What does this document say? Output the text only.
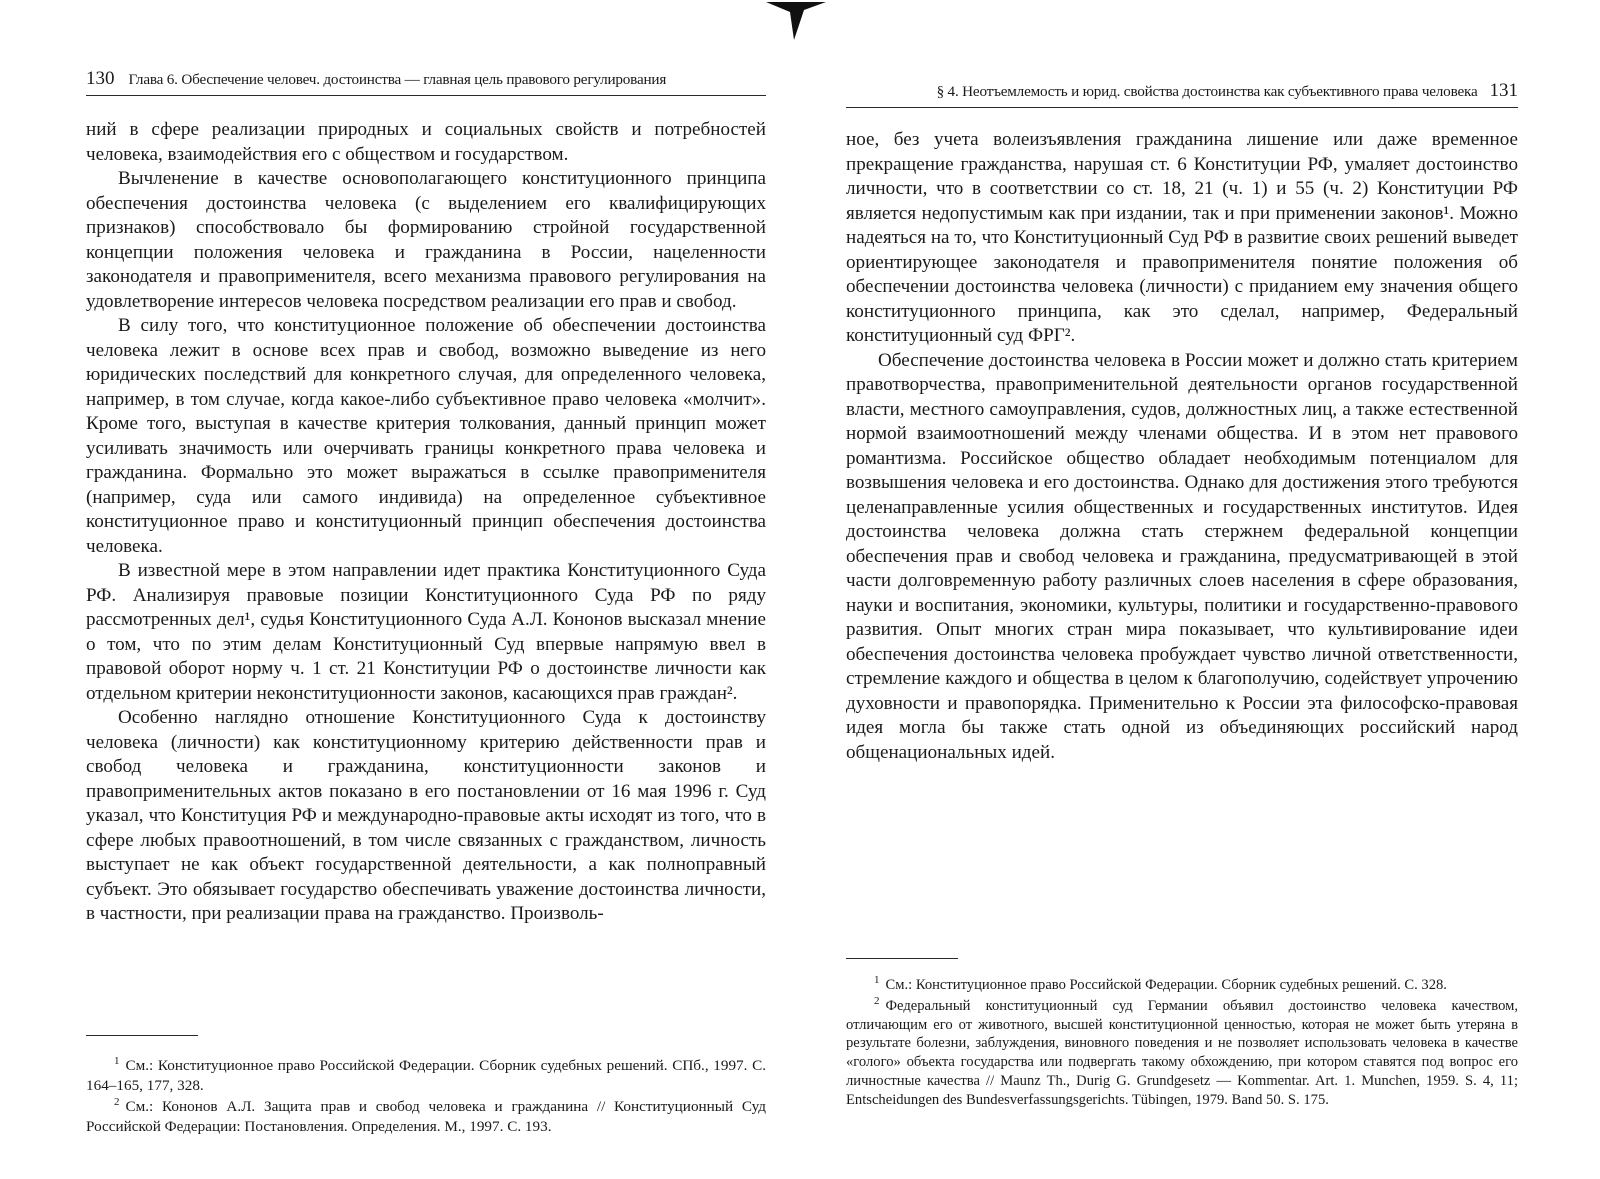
130 Глава 6. Обеспечение человеч. достоинства — главная цель правового регулирования

ний в сфере реализации природных и социальных свойств и потребностей человека, взаимодействия его с обществом и государством.

Вычленение в качестве основополагающего конституционного принципа обеспечения достоинства человека (с выделением его квалифицирующих признаков) способствовало бы формированию стройной государственной концепции положения человека и гражданина в России, нацеленности законодателя и правоприменителя, всего механизма правового регулирования на удовлетворение интересов человека посредством реализации его прав и свобод.

В силу того, что конституционное положение об обеспечении достоинства человека лежит в основе всех прав и свобод, возможно выведение из него юридических последствий для конкретного случая, для определенного человека, например, в том случае, когда какое-либо субъективное право человека «молчит». Кроме того, выступая в качестве критерия толкования, данный принцип может усиливать значимость или очерчивать границы конкретного права человека и гражданина. Формально это может выражаться в ссылке правоприменителя (например, суда или самого индивида) на определенное субъективное конституционное право и конституционный принцип обеспечения достоинства человека.

В известной мере в этом направлении идет практика Конституционного Суда РФ. Анализируя правовые позиции Конституционного Суда РФ по ряду рассмотренных дел¹, судья Конституционного Суда А.Л. Кононов высказал мнение о том, что по этим делам Конституционный Суд впервые напрямую ввел в правовой оборот норму ч. 1 ст. 21 Конституции РФ о достоинстве личности как отдельном критерии неконституционности законов, касающихся прав граждан².

Особенно наглядно отношение Конституционного Суда к достоинству человека (личности) как конституционному критерию действенности прав и свобод человека и гражданина, конституционности законов и правоприменительных актов показано в его постановлении от 16 мая 1996 г. Суд указал, что Конституция РФ и международно-правовые акты исходят из того, что в сфере любых правоотношений, в том числе связанных с гражданством, личность выступает не как объект государственной деятельности, а как полноправный субъект. Это обязывает государство обеспечивать уважение достоинства личности, в частности, при реализации права на гражданство. Произволь-

$^1$ См.: Конституционное право Российской Федерации. Сборник судебных решений. СПб., 1997. С. 164–165, 177, 328.

$^2$ См.: Кононов А.Л. Защита прав и свобод человека и гражданина // Конституционный Суд Российской Федерации: Постановления. Определения. М., 1997. С. 193.

§ 4. Неотъемлемость и юрид. свойства достоинства как субъективного права человека 131

ное, без учета волеизъявления гражданина лишение или даже временное прекращение гражданства, нарушая ст. 6 Конституции РФ, умаляет достоинство личности, что в соответствии со ст. 18, 21 (ч. 1) и 55 (ч. 2) Конституции РФ является недопустимым как при издании, так и при применении законов¹. Можно надеяться на то, что Конституционный Суд РФ в развитие своих решений выведет ориентирующее законодателя и правоприменителя понятие положения об обеспечении достоинства человека (личности) с приданием ему значения общего конституционного принципа, как это сделал, например, Федеральный конституционный суд ФРГ².

Обеспечение достоинства человека в России может и должно стать критерием правотворчества, правоприменительной деятельности органов государственной власти, местного самоуправления, судов, должностных лиц, а также естественной нормой взаимоотношений между членами общества. И в этом нет правового романтизма. Российское общество обладает необходимым потенциалом для возвышения человека и его достоинства. Однако для достижения этого требуются целенаправленные усилия общественных и государственных институтов. Идея достоинства человека должна стать стержнем федеральной концепции обеспечения прав и свобод человека и гражданина, предусматривающей в этой части долговременную работу различных слоев населения в сфере образования, науки и воспитания, экономики, культуры, политики и государственно-правового развития. Опыт многих стран мира показывает, что культивирование идеи обеспечения достоинства человека пробуждает чувство личной ответственности, стремление каждого и общества в целом к благополучию, содействует упрочению духовности и правопорядка. Применительно к России эта философско-правовая идея могла бы также стать одной из объединяющих российский народ общенациональных идей.

$^1$ См.: Конституционное право Российской Федерации. Сборник судебных решений. С. 328.

$^2$ Федеральный конституционный суд Германии объявил достоинство человека качеством, отличающим его от животного, высшей конституционной ценностью, которая не может быть утеряна в результате болезни, заблуждения, виновного поведения и не позволяет использовать человека в качестве «голого» объекта государства или подвергать такому обхождению, при котором ставятся под вопрос его личностные качества // Maunz Th., Durig G. Grundgesetz — Kommentar. Art. 1. Munchen, 1959. S. 4, 11; Entscheidungen des Bundesverfassungsgerichts. Tübingen, 1979. Band 50. S. 175.
